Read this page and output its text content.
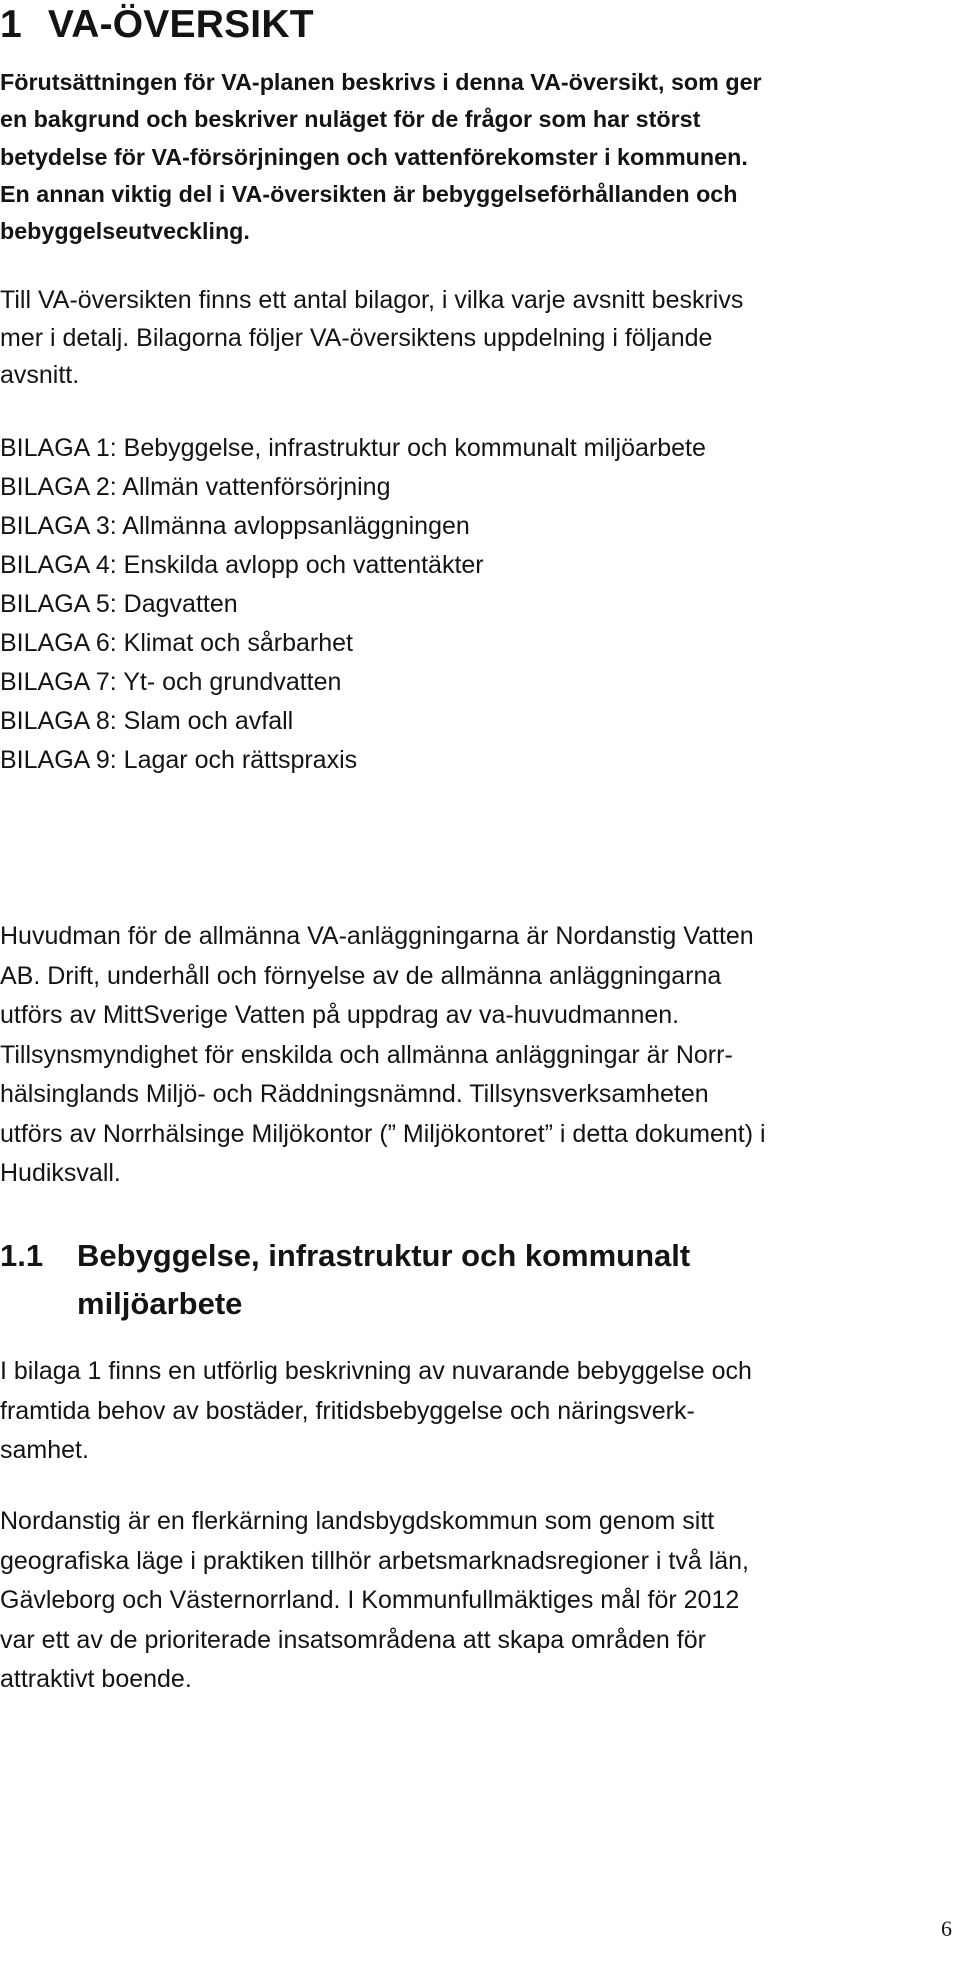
1 VA-ÖVERSIKT

Förutsättningen för VA-planen beskrivs i denna VA-översikt, som ger
en bakgrund och beskriver nuläget för de frågor som har störst
betydelse för VA-försörjningen och vattenförekomster i kommunen.
En annan viktig del i VA-översikten är bebyggelseförhållanden och
bebyggelseutveckling.

Till VA-översikten finns ett antal bilagor, i vilka varje avsnitt beskrivs
mer i detalj. Bilagorna följer VA-översiktens uppdelning i följande
avsnitt.

BILAGA 1: Bebyggelse, infrastruktur och kommunalt miljöarbete
BILAGA 2: Allmän vattenförsörjning
BILAGA 3: Allmänna avloppsanläggningen
BILAGA 4: Enskilda avlopp och vattentäkter
BILAGA 5: Dagvatten
BILAGA 6: Klimat och sårbarhet
BILAGA 7: Yt- och grundvatten
BILAGA 8: Slam och avfall
BILAGA 9: Lagar och rättspraxis

Huvudman för de allmänna VA-anläggningarna är Nordanstig Vatten
AB. Drift, underhåll och förnyelse av de allmänna anläggningarna
utförs av MittSverige Vatten på uppdrag av va-huvudmannen.
Tillsynsmyndighet för enskilda och allmänna anläggningar är Norr-
hälsinglands Miljö- och Räddningsnämnd. Tillsynsverksamheten
utförs av Norrhälsinge Miljökontor (” Miljökontoret” i detta dokument) i
Hudiksvall.

1.1 Bebyggelse, infrastruktur och kommunalt
miljöarbete

I bilaga 1 finns en utförlig beskrivning av nuvarande bebyggelse och
framtida behov av bostäder, fritidsbebyggelse och näringsverk-
samhet.

Nordanstig är en flerkärning landsbygdskommun som genom sitt
geografiska läge i praktiken tillhör arbetsmarknadsregioner i två län,
Gävleborg och Västernorrland. I Kommunfullmäktiges mål för 2012
var ett av de prioriterade insatsområdena att skapa områden för
attraktivt boende.

6
